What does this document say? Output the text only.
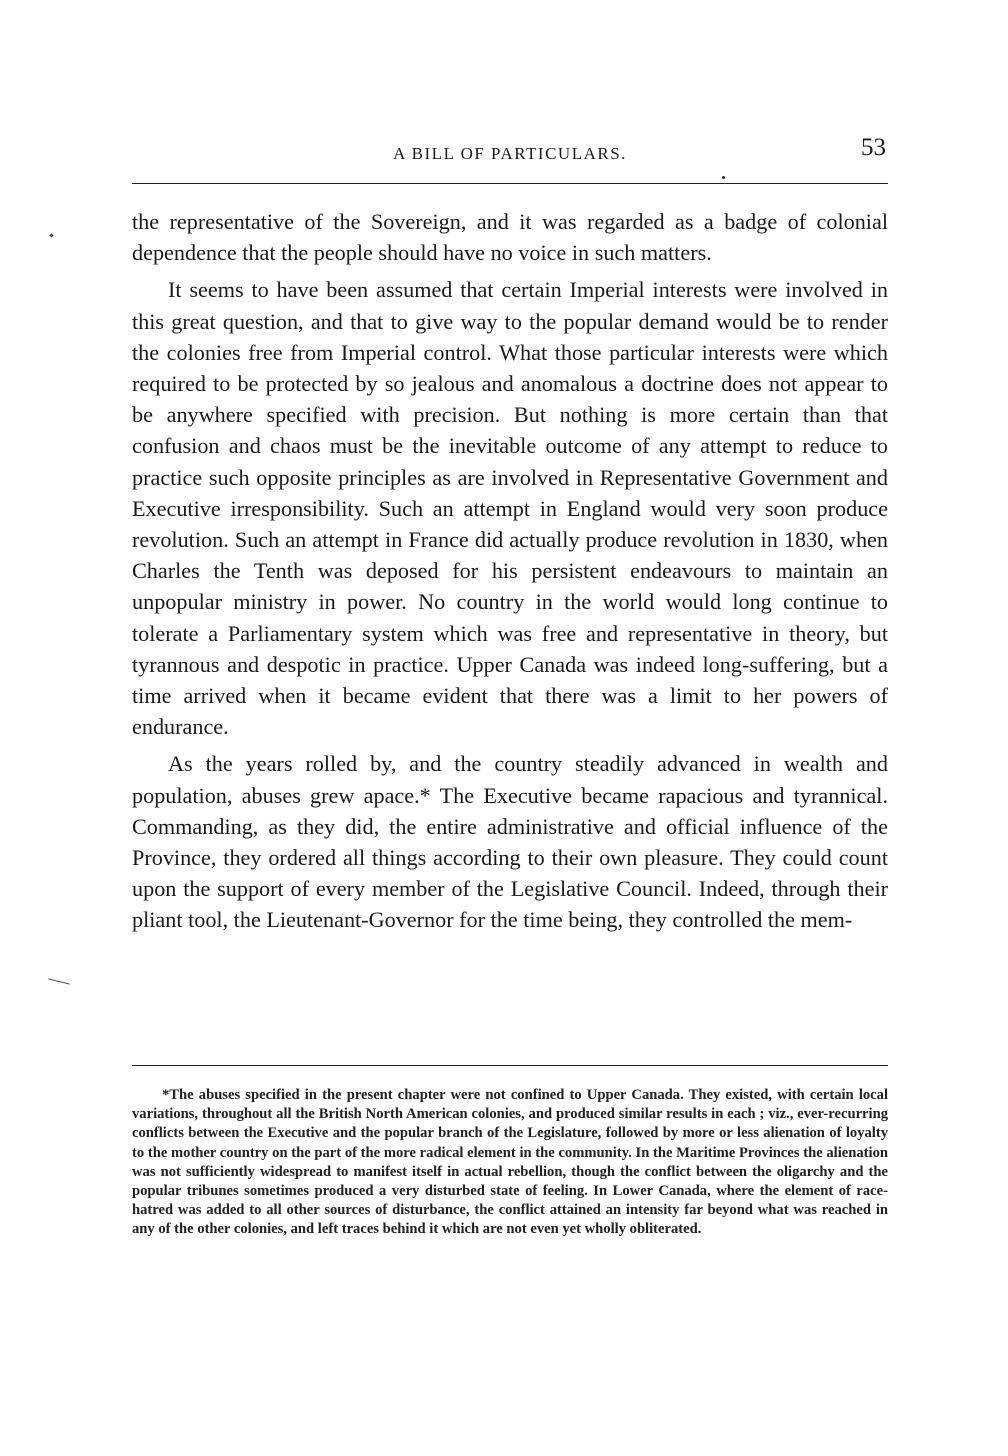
A BILL OF PARTICULARS.	53

the representative of the Sovereign, and it was regarded as a badge of colonial dependence that the people should have no voice in such matters.

It seems to have been assumed that certain Imperial interests were involved in this great question, and that to give way to the popular demand would be to render the colonies free from Imperial control. What those particular interests were which required to be protected by so jealous and anomalous a doctrine does not appear to be anywhere specified with precision. But nothing is more certain than that confusion and chaos must be the inevitable outcome of any attempt to reduce to practice such opposite principles as are involved in Representative Government and Executive irresponsibility. Such an attempt in England would very soon produce revolution. Such an attempt in France did actually produce revolution in 1830, when Charles the Tenth was deposed for his persistent endeavours to maintain an unpopular ministry in power. No country in the world would long continue to tolerate a Parliamentary system which was free and representative in theory, but tyrannous and despotic in practice. Upper Canada was indeed long-suffering, but a time arrived when it became evident that there was a limit to her powers of endurance.

As the years rolled by, and the country steadily advanced in wealth and population, abuses grew apace.* The Executive became rapacious and tyrannical. Commanding, as they did, the entire administrative and official influence of the Province, they ordered all things according to their own pleasure. They could count upon the support of every member of the Legislative Council. Indeed, through their pliant tool, the Lieutenant-Governor for the time being, they controlled the mem-

*The abuses specified in the present chapter were not confined to Upper Canada. They existed, with certain local variations, throughout all the British North American colonies, and produced similar results in each ; viz., ever-recurring conflicts between the Executive and the popular branch of the Legislature, followed by more or less alienation of loyalty to the mother country on the part of the more radical element in the community. In the Maritime Provinces the alienation was not sufficiently widespread to manifest itself in actual rebellion, though the conflict between the oligarchy and the popular tribunes sometimes produced a very disturbed state of feeling. In Lower Canada, where the element of race-hatred was added to all other sources of disturbance, the conflict attained an intensity far beyond what was reached in any of the other colonies, and left traces behind it which are not even yet wholly obliterated.
